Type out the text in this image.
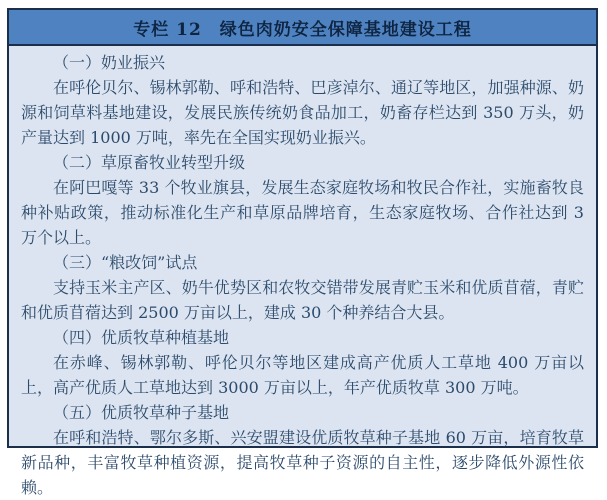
专栏 12　绿色肉奶安全保障基地建设工程

（一）奶业振兴

在呼伦贝尔、锡林郭勒、呼和浩特、巴彦淖尔、通辽等地区，加强种源、奶源和饲草料基地建设，发展民族传统奶食品加工，奶畜存栏达到 350 万头，奶产量达到 1000 万吨，率先在全国实现奶业振兴。

（二）草原畜牧业转型升级

在阿巴嘎等 33 个牧业旗县，发展生态家庭牧场和牧民合作社，实施畜牧良种补贴政策，推动标准化生产和草原品牌培育，生态家庭牧场、合作社达到 3 万个以上。

（三）“粮改饲”试点

支持玉米主产区、奶牛优势区和农牧交错带发展青贮玉米和优质苜蓿，青贮和优质苜蓿达到 2500 万亩以上，建成 30 个种养结合大县。

（四）优质牧草种植基地

在赤峰、锡林郭勒、呼伦贝尔等地区建成高产优质人工草地 400 万亩以上，高产优质人工草地达到 3000 万亩以上，年产优质牧草 300 万吨。

（五）优质牧草种子基地

在呼和浩特、鄂尔多斯、兴安盟建设优质牧草种子基地 60 万亩，培育牧草新品种，丰富牧草种植资源，提高牧草种子资源的自主性，逐步降低外源性依赖。
